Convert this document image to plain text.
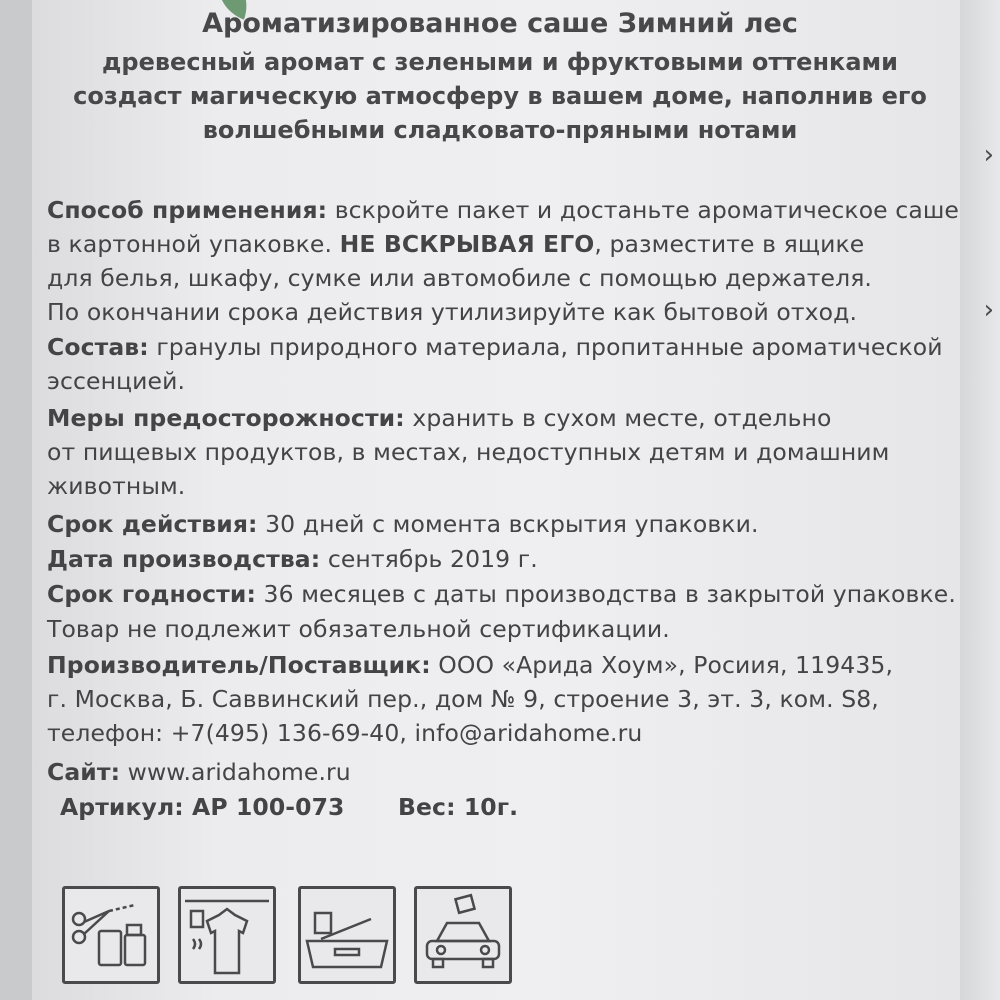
›
›
Ароматизированное саше Зимний лес
древесный аромат с зелеными и фруктовыми оттенками
создаст магическую атмосферу в вашем доме, наполнив его
волшебными сладковато-пряными нотами
Способ применения: вскройте пакет и достаньте ароматическое саше
в картонной упаковке. НЕ ВСКРЫВАЯ ЕГО, разместите в ящике
для белья, шкафу, сумке или автомобиле с помощью держателя.
По окончании срока действия утилизируйте как бытовой отход.
Состав: гранулы природного материала, пропитанные ароматической
эссенцией.
Меры предосторожности: хранить в сухом месте, отдельно
от пищевых продуктов, в местах, недоступных детям и домашним
животным.
Срок действия: 30 дней с момента вскрытия упаковки.
Дата производства: сентябрь 2019 г.
Срок годности: 36 месяцев с даты производства в закрытой упаковке.
Товар не подлежит обязательной сертификации.
Производитель/Поставщик: ООО «Арида Хоум», Росиия, 119435,
г. Москва, Б. Саввинский пер., дом № 9, строение 3, эт. 3, ком. S8,
телефон: +7(495) 136-69-40, info@aridahome.ru
Сайт: www.aridahome.ru
Артикул: АР 100-073 Вес: 10г.
